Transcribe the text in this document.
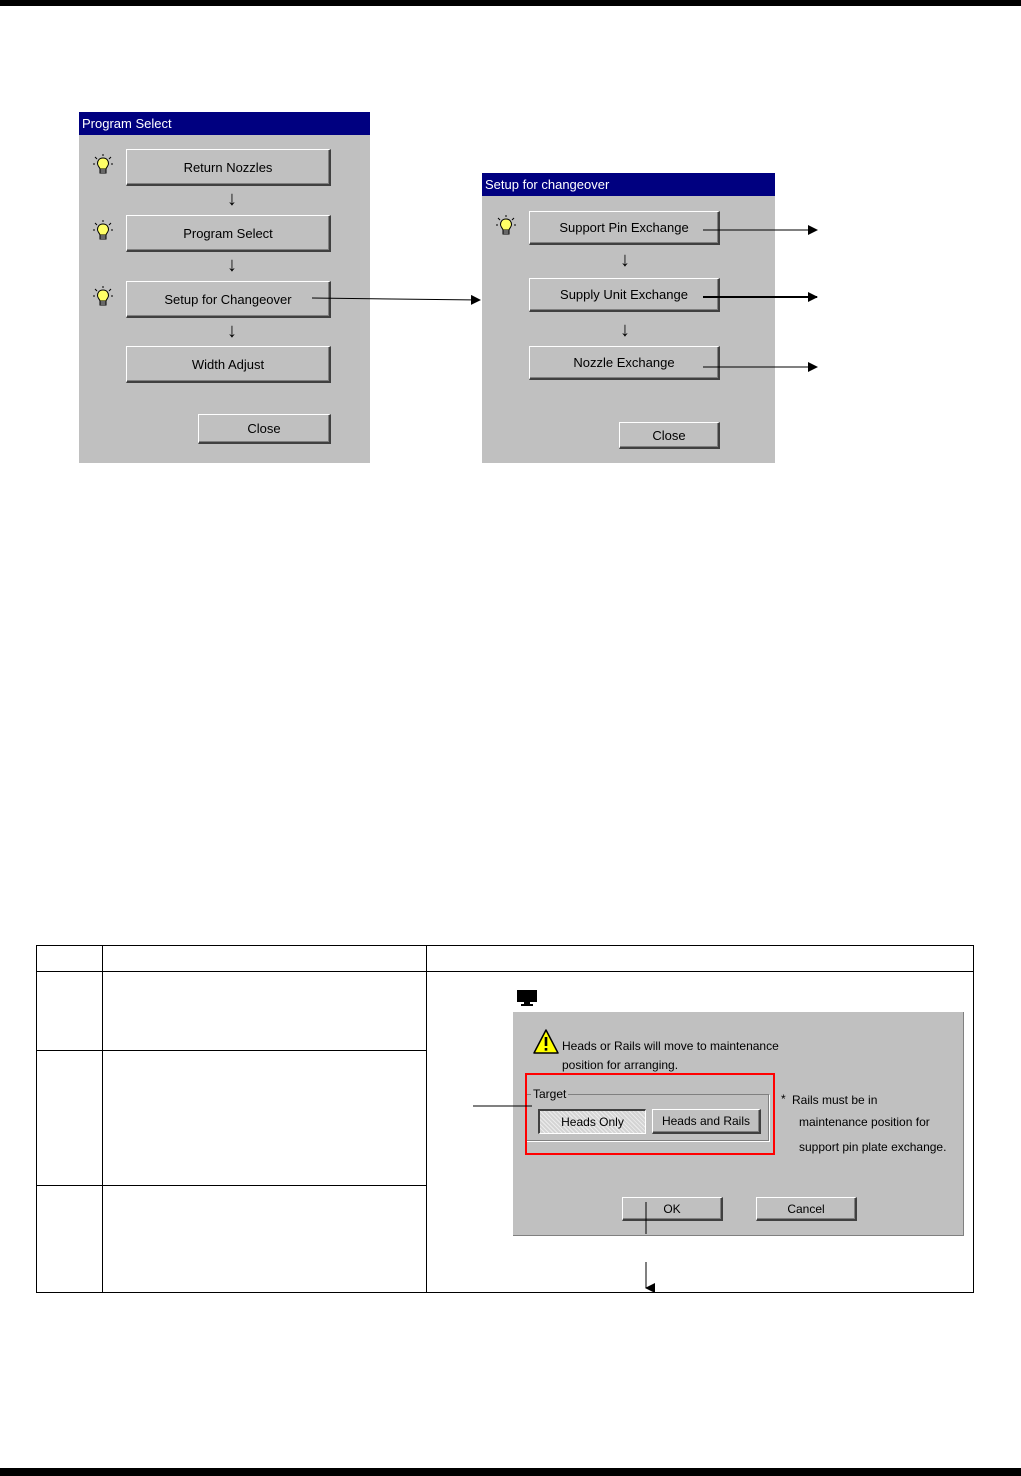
Program Select
Return Nozzles
↓
Program Select
↓
Setup for Changeover
↓
Width Adjust
Close
Setup for changeover
Support Pin Exchange
↓
Supply Unit Exchange
↓
Nozzle Exchange
Close
Heads or Rails will move to maintenance
position for arranging.
Target
Heads Only	Heads and Rails
* Rails must be in
maintenance position for
support pin plate exchange.
OK	Cancel
